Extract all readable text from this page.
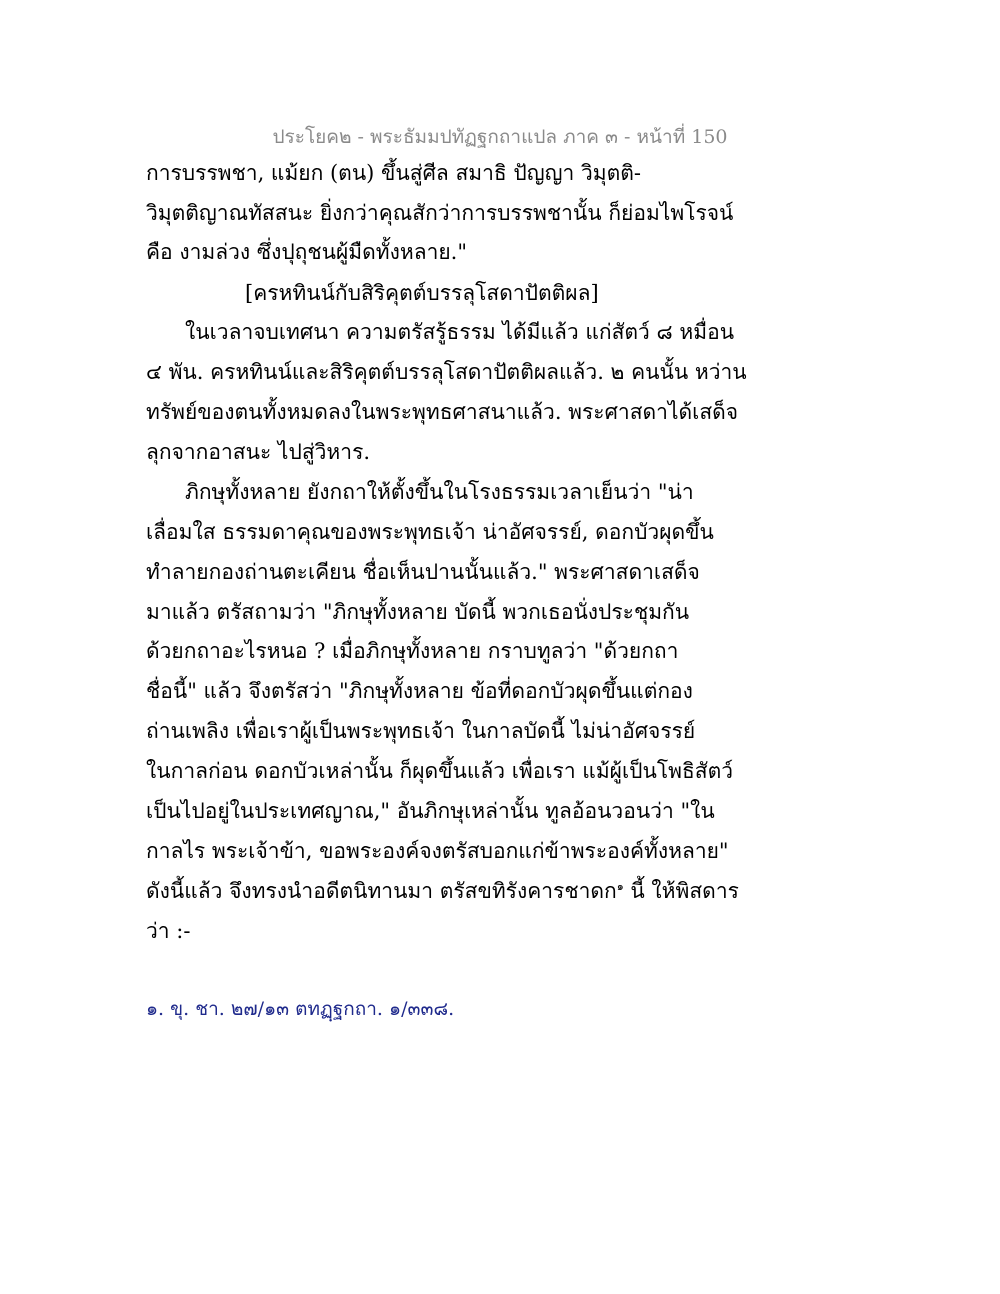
ประโยค๒ - พระธัมมปทัฏฐกถาแปล ภาค ๓ - หน้าที่ 150
การบรรพชา, แม้ยก (ตน) ขึ้นสู่ศีล สมาธิ ปัญญา วิมุตติ-
วิมุตติญาณทัสสนะ ยิ่งกว่าคุณสักว่าการบรรพชานั้น ก็ย่อมไพโรจน์
คือ งามล่วง ซึ่งปุถุชนผู้มืดทั้งหลาย."
[ครหทินน์กับสิริคุตต์บรรลุโสดาปัตติผล]
ในเวลาจบเทศนา ความตรัสรู้ธรรม ได้มีแล้ว แก่สัตว์ ๘ หมื่อน
๔ พัน. ครหทินน์และสิริคุตต์บรรลุโสดาปัตติผลแล้ว. ๒ คนนั้น หว่าน
ทรัพย์ของตนทั้งหมดลงในพระพุทธศาสนาแล้ว. พระศาสดาได้เสด็จ
ลุกจากอาสนะ ไปสู่วิหาร.
ภิกษุทั้งหลาย ยังกถาให้ตั้งขึ้นในโรงธรรมเวลาเย็นว่า "น่า
เลื่อมใส ธรรมดาคุณของพระพุทธเจ้า น่าอัศจรรย์, ดอกบัวผุดขึ้น
ทำลายกองถ่านตะเคียน ชื่อเห็นปานนั้นแล้ว." พระศาสดาเสด็จ
มาแล้ว ตรัสถามว่า "ภิกษุทั้งหลาย บัดนี้ พวกเธอนั่งประชุมกัน
ด้วยกถาอะไรหนอ ? เมื่อภิกษุทั้งหลาย กราบทูลว่า "ด้วยกถา
ชื่อนี้" แล้ว จึงตรัสว่า "ภิกษุทั้งหลาย ข้อที่ดอกบัวผุดขึ้นแต่กอง
ถ่านเพลิง เพื่อเราผู้เป็นพระพุทธเจ้า ในกาลบัดนี้ ไม่น่าอัศจรรย์
ในกาลก่อน ดอกบัวเหล่านั้น ก็ผุดขึ้นแล้ว เพื่อเรา แม้ผู้เป็นโพธิสัตว์
เป็นไปอยู่ในประเทศญาณ," อันภิกษุเหล่านั้น ทูลอ้อนวอนว่า "ใน
กาลไร พระเจ้าข้า, ขอพระองค์จงตรัสบอกแก่ข้าพระองค์ทั้งหลาย"
ดังนี้แล้ว จึงทรงนำอดีตนิทานมา ตรัสขทิรังคารชาดก$^๑$ นี้ ให้พิสดาร
ว่า :-
๑. ขุ. ชา. ๒๗/๑๓ ตทฏฺฐกถา. ๑/๓๓๘.
